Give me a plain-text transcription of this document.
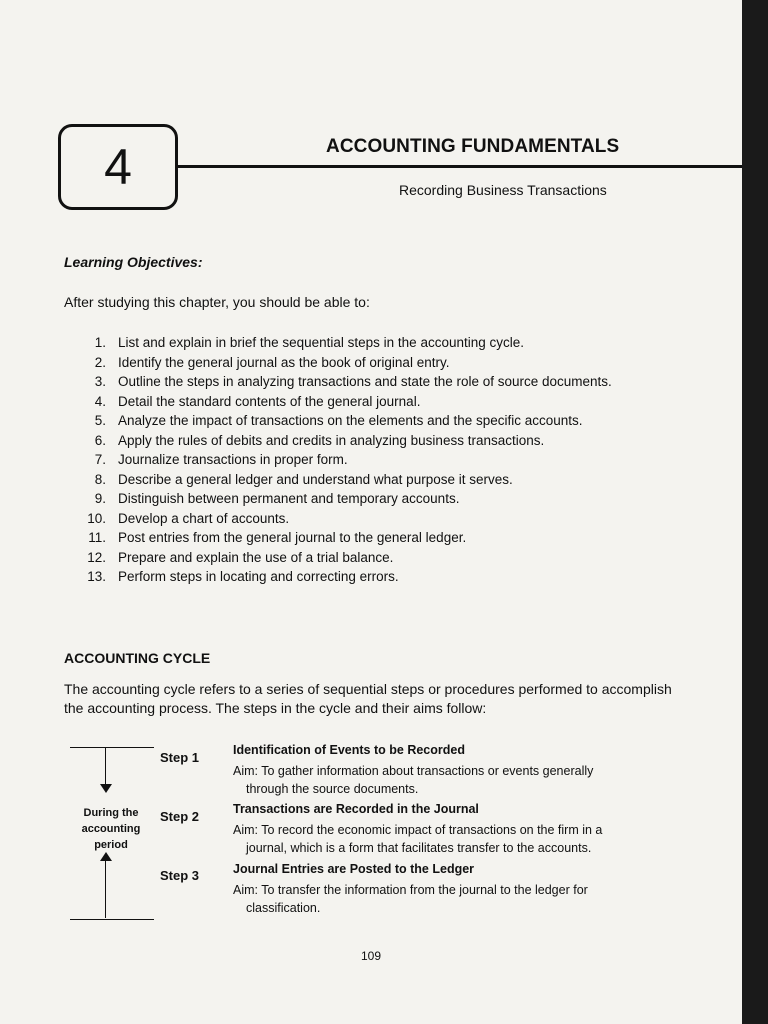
4	ACCOUNTING FUNDAMENTALS
Recording Business Transactions
Learning Objectives:
After studying this chapter, you should be able to:
1. List and explain in brief the sequential steps in the accounting cycle.
2. Identify the general journal as the book of original entry.
3. Outline the steps in analyzing transactions and state the role of source documents.
4. Detail the standard contents of the general journal.
5. Analyze the impact of transactions on the elements and the specific accounts.
6. Apply the rules of debits and credits in analyzing business transactions.
7. Journalize transactions in proper form.
8. Describe a general ledger and understand what purpose it serves.
9. Distinguish between permanent and temporary accounts.
10. Develop a chart of accounts.
11. Post entries from the general journal to the general ledger.
12. Prepare and explain the use of a trial balance.
13. Perform steps in locating and correcting errors.
ACCOUNTING CYCLE
The accounting cycle refers to a series of sequential steps or procedures performed to accomplish the accounting process. The steps in the cycle and their aims follow:
During the accounting period
Step 1	Identification of Events to be Recorded
Aim: To gather information about transactions or events generally
through the source documents.
Step 2	Transactions are Recorded in the Journal
Aim: To record the economic impact of transactions on the firm in a
journal, which is a form that facilitates transfer to the accounts.
Step 3	Journal Entries are Posted to the Ledger
Aim: To transfer the information from the journal to the ledger for
classification.
109
